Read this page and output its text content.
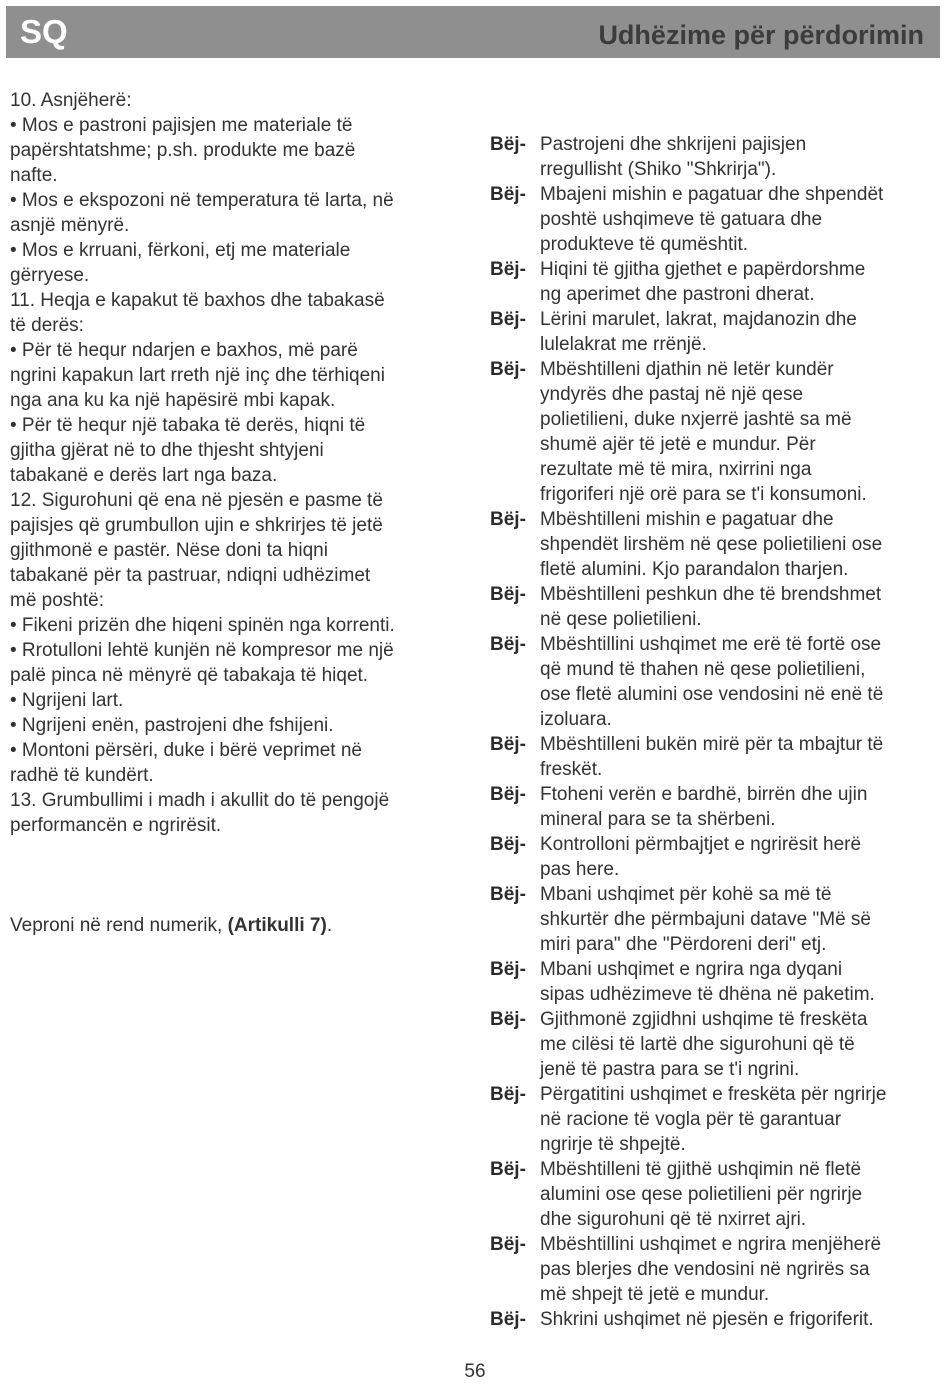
SQ	Udhëzime për përdorimin
10. Asnjëherë:
• Mos e pastroni pajisjen me materiale të
papërshtatshme; p.sh. produkte me bazë
nafte.
• Mos e ekspozoni në temperatura të larta, në
asnjë mënyrë.
• Mos e krruani, fërkoni, etj me materiale
gërryese.
11. Heqja e kapakut të baxhos dhe tabakasë
të derës:
• Për të hequr ndarjen e baxhos, më parë
ngrini kapakun lart rreth një inç dhe tërhiqeni
nga ana ku ka një hapësirë mbi kapak.
• Për të hequr një tabaka të derës, hiqni të
gjitha gjërat në to dhe thjesht shtyjeni
tabakanë e derës lart nga baza.
12. Sigurohuni që ena në pjesën e pasme të
pajisjes që grumbullon ujin e shkrirjes të jetë
gjithmonë e pastër. Nëse doni ta hiqni
tabakanë për ta pastruar, ndiqni udhëzimet
më poshtë:
• Fikeni prizën dhe hiqeni spinën nga korrenti.
• Rrotulloni lehtë kunjën në kompresor me një
palë pinca në mënyrë që tabakaja të hiqet.
• Ngrijeni lart.
• Ngrijeni enën, pastrojeni dhe fshijeni.
• Montoni përsëri, duke i bërë veprimet në
radhë të kundërt.
13. Grumbullimi i madh i akullit do të pengojë
performancën e ngrirësit.
Veproni në rend numerik, (Artikulli 7).
Bëj- Pastrojeni dhe shkrijeni pajisjen
rregullisht (Shiko "Shkrirja").
Bëj- Mbajeni mishin e pagatuar dhe shpendët
poshtë ushqimeve të gatuara dhe
produkteve të qumështit.
Bëj- Hiqini të gjitha gjethet e papërdorshme
ng aperimet dhe pastroni dherat.
Bëj- Lërini marulet, lakrat, majdanozin dhe
lulelakrat me rrënjë.
Bëj- Mbështilleni djathin në letër kundër
yndyrës dhe pastaj në një qese
polietilieni, duke nxjerrë jashtë sa më
shumë ajër të jetë e mundur. Për
rezultate më të mira, nxirrini nga
frigoriferi një orë para se t'i konsumoni.
Bëj- Mbështilleni mishin e pagatuar dhe
shpendët lirshëm në qese polietilieni ose
fletë alumini. Kjo parandalon tharjen.
Bëj- Mbështilleni peshkun dhe të brendshmet
në qese polietilieni.
Bëj- Mbështillini ushqimet me erë të fortë ose
që mund të thahen në qese polietilieni,
ose fletë alumini ose vendosini në enë të
izoluara.
Bëj- Mbështilleni bukën mirë për ta mbajtur të
freskët.
Bëj- Ftoheni verën e bardhë, birrën dhe ujin
mineral para se ta shërbeni.
Bëj- Kontrolloni përmbajtjet e ngrirësit herë
pas here.
Bëj- Mbani ushqimet për kohë sa më të
shkurtër dhe përmbajuni datave "Më së
miri para" dhe "Përdoreni deri" etj.
Bëj- Mbani ushqimet e ngrira nga dyqani
sipas udhëzimeve të dhëna në paketim.
Bëj- Gjithmonë zgjidhni ushqime të freskëta
me cilësi të lartë dhe sigurohuni që të
jenë të pastra para se t'i ngrini.
Bëj- Përgatitini ushqimet e freskëta për ngrirje
në racione të vogla për të garantuar
ngrirje të shpejtë.
Bëj- Mbështilleni të gjithë ushqimin në fletë
alumini ose qese polietilieni për ngrirje
dhe sigurohuni që të nxirret ajri.
Bëj- Mbështillini ushqimet e ngrira menjëherë
pas blerjes dhe vendosini në ngrirës sa
më shpejt të jetë e mundur.
Bëj- Shkrini ushqimet në pjesën e frigoriferit.
56
